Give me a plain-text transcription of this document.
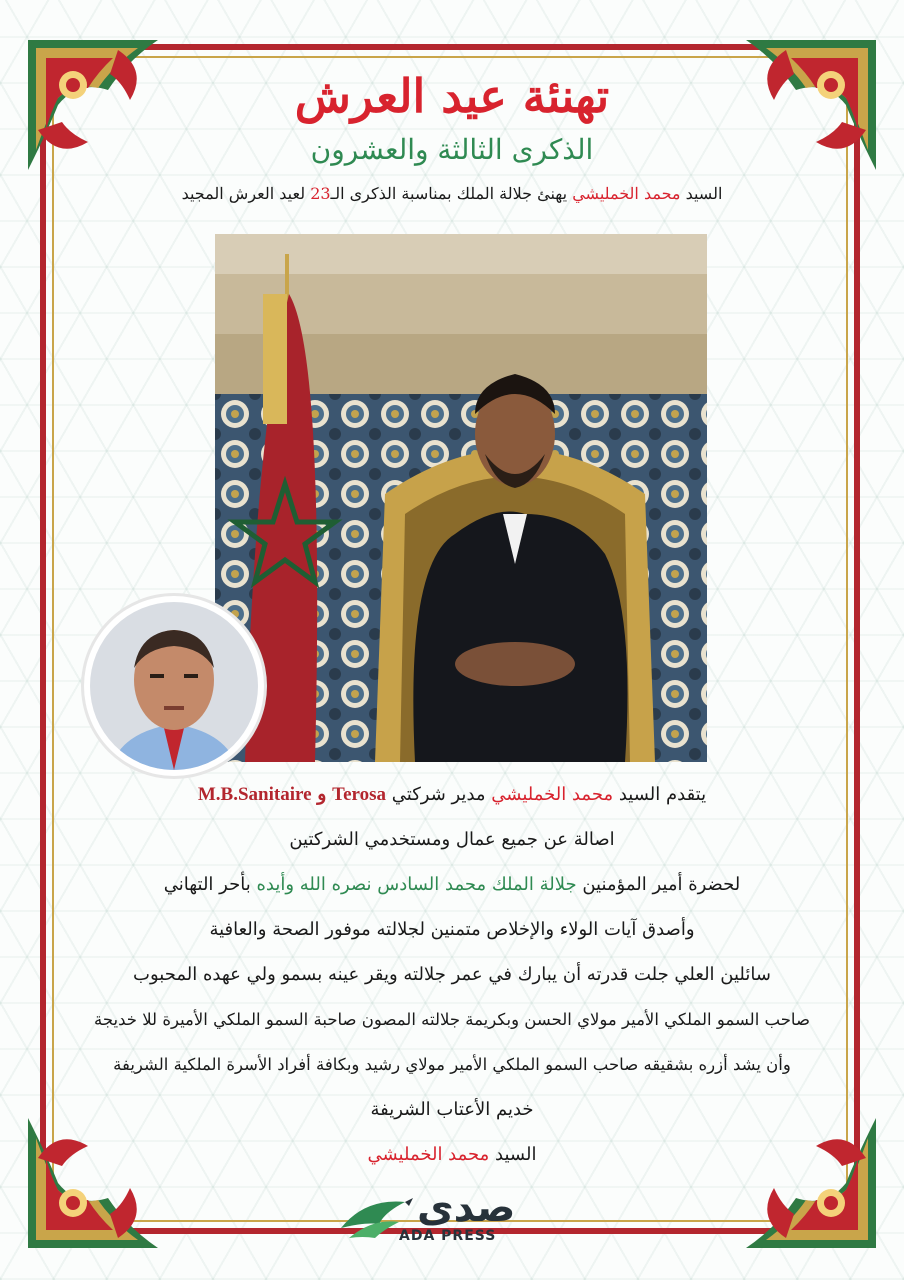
تهنئة عيد العرش
الذكرى الثالثة والعشرون
السيد محمد الخمليشي يهنئ جلالة الملك بمناسبة الذكرى الـ23 لعيد العرش المجيد
يتقدم السيد محمد الخمليشي مدير شركتي M.B.Sanitaire و Terosa
اصالة عن جميع عمال ومستخدمي الشركتين
لحضرة أمير المؤمنين جلالة الملك محمد السادس نصره الله وأيده بأحر التهاني
وأصدق آيات الولاء والإخلاص متمنين لجلالته موفور الصحة والعافية
سائلين العلي جلت قدرته أن يبارك في عمر جلالته ويقر عينه بسمو ولي عهده المحبوب
صاحب السمو الملكي الأمير مولاي الحسن وبكريمة جلالته المصون صاحبة السمو الملكي الأميرة للا خديجة
وأن يشد أزره بشقيقه صاحب السمو الملكي الأمير مولاي رشيد وبكافة أفراد الأسرة الملكية الشريفة
خديم الأعتاب الشريفة
السيد محمد الخمليشي
صدى
ADA PRESS
